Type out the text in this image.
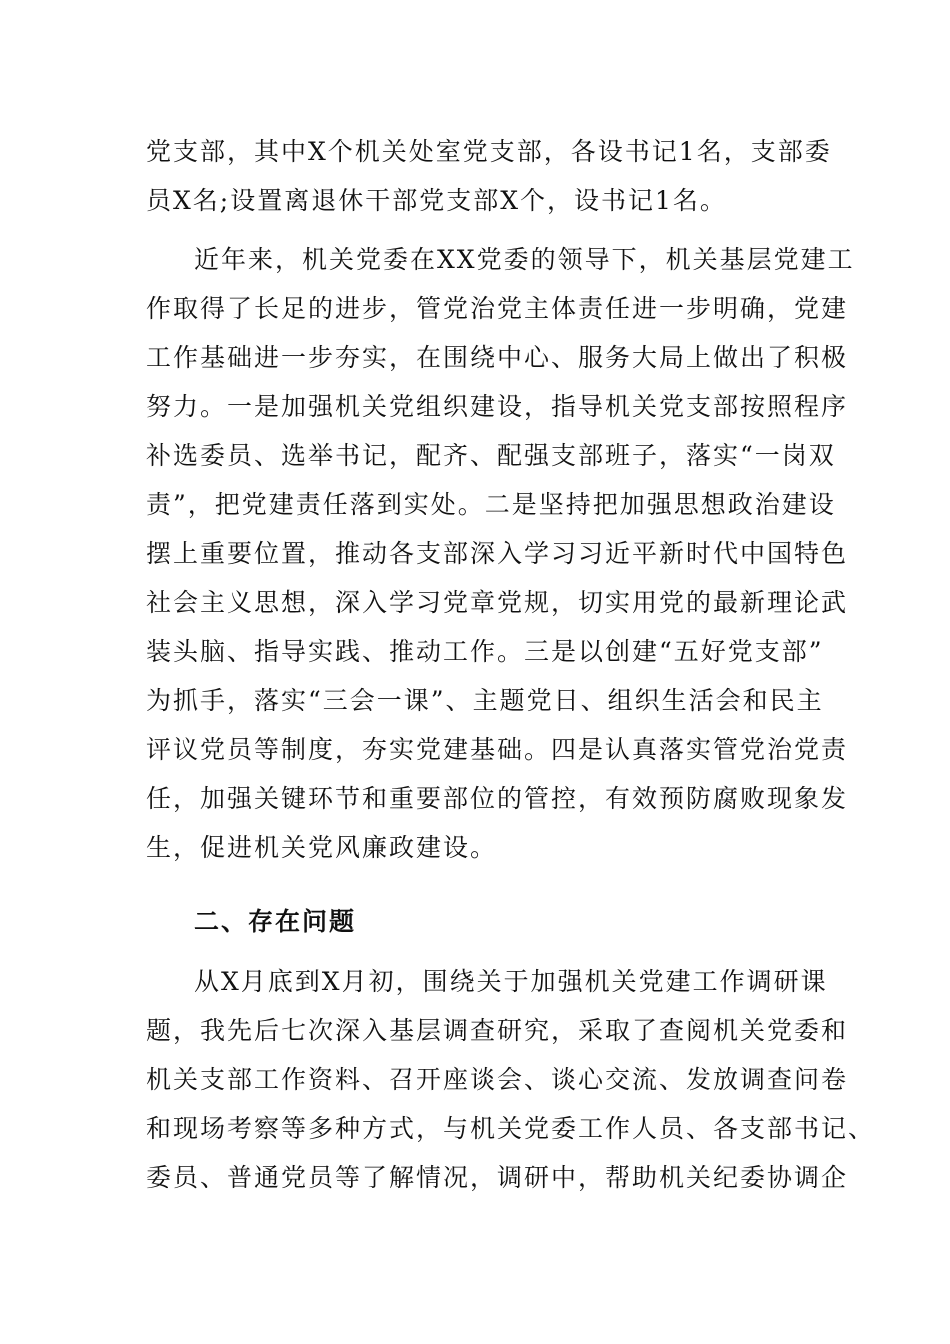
党支部，其中X个机关处室党支部，各设书记1名，支部委
员X名;设置离退休干部党支部X个，设书记1名。
近年来，机关党委在XX党委的领导下，机关基层党建工
作取得了长足的进步，管党治党主体责任进一步明确，党建
工作基础进一步夯实，在围绕中心、服务大局上做出了积极
努力。一是加强机关党组织建设，指导机关党支部按照程序
补选委员、选举书记，配齐、配强支部班子，落实“一岗双
责”，把党建责任落到实处。二是坚持把加强思想政治建设
摆上重要位置，推动各支部深入学习习近平新时代中国特色
社会主义思想，深入学习党章党规，切实用党的最新理论武
装头脑、指导实践、推动工作。三是以创建“五好党支部”
为抓手，落实“三会一课”、主题党日、组织生活会和民主
评议党员等制度，夯实党建基础。四是认真落实管党治党责
任，加强关键环节和重要部位的管控，有效预防腐败现象发
生，促进机关党风廉政建设。
二、存在问题
从X月底到X月初，围绕关于加强机关党建工作调研课
题，我先后七次深入基层调查研究，采取了查阅机关党委和
机关支部工作资料、召开座谈会、谈心交流、发放调查问卷
和现场考察等多种方式，与机关党委工作人员、各支部书记、
委员、普通党员等了解情况，调研中，帮助机关纪委协调企
